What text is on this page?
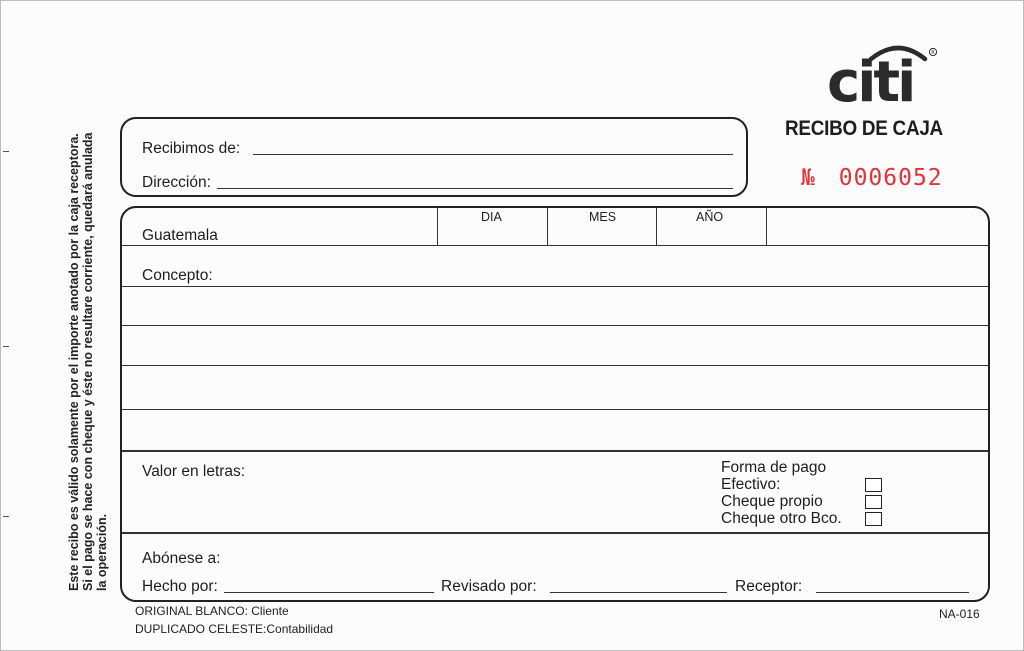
Este recibo es válido solamente por el importe anotado por la caja receptora. Si el pago se hace con cheque y éste no resultare corriente, quedará anulada la operación.
citi	R
RECIBO DE CAJA
№ 0006052
Recibimos de:
Dirección:
Guatemala
DIA	MES	AÑO
Concepto:
Valor en letras:	Forma de pago
Efectivo:
Cheque propio
Cheque otro Bco.
Abónese a:
Hecho por:	Revisado por:	Receptor:
ORIGINAL BLANCO: Cliente
DUPLICADO CELESTE:Contabilidad
NA-016
